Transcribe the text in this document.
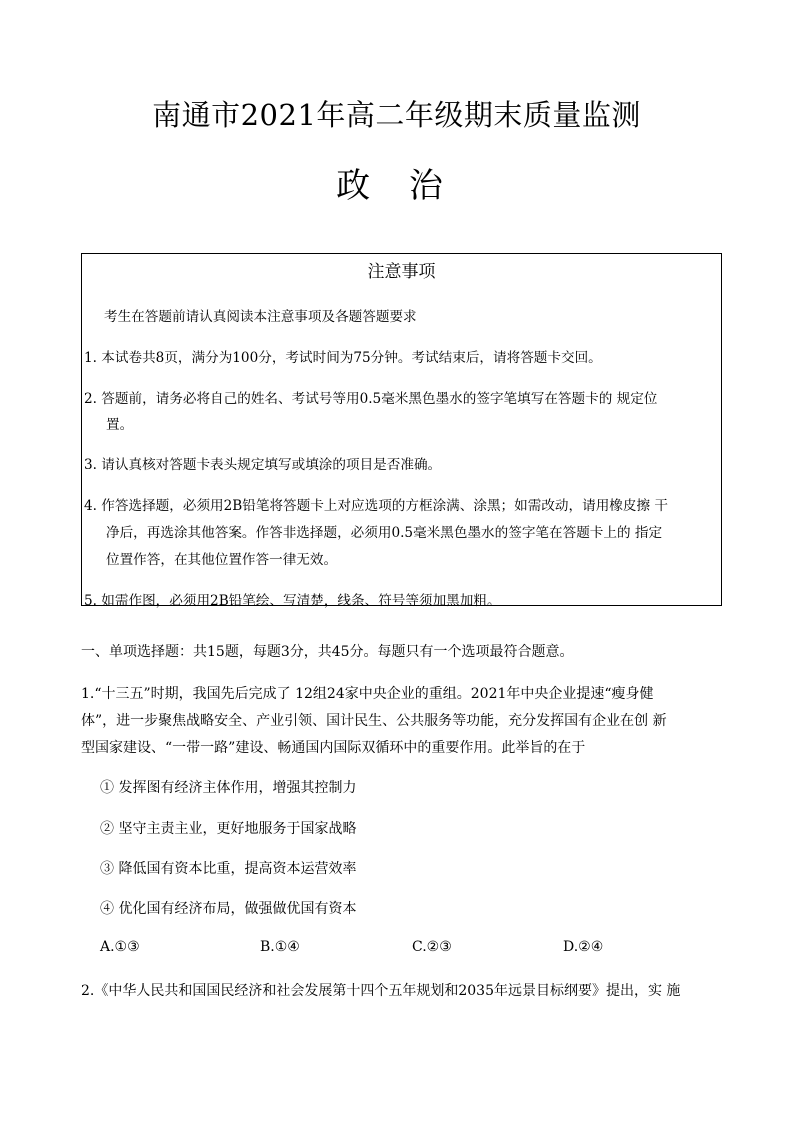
南通市2021年高二年级期末质量监测
政 治
注意事项
考生在答题前请认真阅读本注意事项及各题答题要求
1. 本试卷共8页，满分为100分，考试时间为75分钟。考试结束后，请将答题卡交回。
2. 答题前，请务必将自己的姓名、考试号等用0.5毫米黑色墨水的签字笔填写在答题卡的 规定位
置。
3. 请认真核对答题卡表头规定填写或填涂的项目是否准确。
4. 作答选择题，必须用2B铅笔将答题卡上对应选项的方框涂满、涂黑；如需改动，请用橡皮擦 干
净后，再选涂其他答案。作答非选择题，必须用0.5毫米黑色墨水的签字笔在答题卡上的 指定
位置作答，在其他位置作答一律无效。
5. 如需作图，必须用2B铅笔绘、写清楚，线条、符号等须加黑加粗。
一、单项选择题：共15题，每题3分，共45分。每题只有一个选项最符合题意。
1.“十三五”时期，我国先后完成了 12组24家中央企业的重组。2021年中央企业提速“瘦身健
体”，进一步聚焦战略安全、产业引领、国计民生、公共服务等功能，充分发挥国有企业在创 新
型国家建设、“一带一路”建设、畅通国内国际双循环中的重要作用。此举旨的在于
① 发挥图有经济主体作用，增强其控制力
② 坚守主责主业，更好地服务于国家战略
③ 降低国有资本比重，提高资本运营效率
④ 优化国有经济布局，做强做优国有资本
A.①③	B.①④	C.②③	D.②④
2.《中华人民共和国国民经济和社会发展第十四个五年规划和2035年远景目标纲要》提出，实 施
